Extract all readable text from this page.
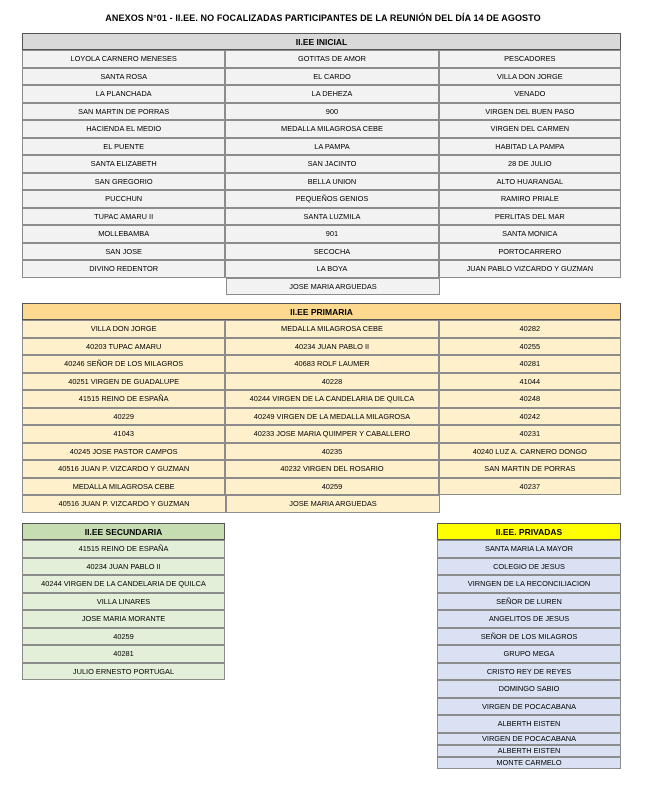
ANEXOS N°01 - II.EE. NO FOCALIZADAS PARTICIPANTES DE LA REUNIÓN DEL DÍA 14 DE AGOSTO
II.EE INICIAL
LOYOLA CARNERO MENESES	GOTITAS DE AMOR	PESCADORES
SANTA ROSA	EL CARDO	VILLA DON JORGE
LA PLANCHADA	LA DEHEZA	VENADO
SAN MARTIN DE PORRAS	900	VIRGEN DEL BUEN PASO
HACIENDA EL MEDIO	MEDALLA MILAGROSA CEBE	VIRGEN DEL CARMEN
EL PUENTE	LA PAMPA	HABITAD LA PAMPA
SANTA ELIZABETH	SAN JACINTO	28 DE JULIO
SAN GREGORIO	BELLA UNION	ALTO HUARANGAL
PUCCHUN	PEQUEÑOS GENIOS	RAMIRO PRIALE
TUPAC AMARU II	SANTA LUZMILA	PERLITAS DEL MAR
MOLLEBAMBA	901	SANTA MONICA
SAN JOSE	SECOCHA	PORTOCARRERO
DIVINO REDENTOR	LA BOYA	JUAN PABLO VIZCARDO Y GUZMAN
JOSE MARIA ARGUEDAS
II.EE PRIMARIA
VILLA DON JORGE	MEDALLA MILAGROSA CEBE	40282
40203 TUPAC AMARU	40234 JUAN PABLO II	40255
40246 SEÑOR DE LOS MILAGROS	40683 ROLF LAUMER	40281
40251 VIRGEN DE GUADALUPE	40228	41044
41515 REINO DE ESPAÑA	40244 VIRGEN DE LA CANDELARIA DE QUILCA	40248
40229	40249 VIRGEN DE LA MEDALLA MILAGROSA	40242
41043	40233 JOSE MARIA QUIMPER Y CABALLERO	40231
40245 JOSE PASTOR CAMPOS	40235	40240 LUZ A. CARNERO DONGO
40516 JUAN P. VIZCARDO Y GUZMAN	40232 VIRGEN DEL ROSARIO	SAN MARTIN DE PORRAS
MEDALLA MILAGROSA CEBE	40259	40237
40516 JUAN P. VIZCARDO Y GUZMAN	JOSE MARIA ARGUEDAS
II.EE SECUNDARIA
41515 REINO DE ESPAÑA
40234 JUAN PABLO II
40244 VIRGEN DE LA CANDELARIA DE QUILCA
VILLA LINARES
JOSE MARIA MORANTE
40259
40281
JULIO ERNESTO PORTUGAL
II.EE. PRIVADAS
SANTA MARIA LA MAYOR
COLEGIO DE JESUS
VIRNGEN DE LA RECONCILIACION
SEÑOR DE LUREN
ANGELITOS DE JESUS
SEÑOR DE LOS MILAGROS
GRUPO MEGA
CRISTO REY DE REYES
DOMINGO SABIO
VIRGEN DE POCACABANA
ALBERTH EISTEN
VIRGEN DE POCACABANA
ALBERTH EISTEN
MONTE CARMELO
